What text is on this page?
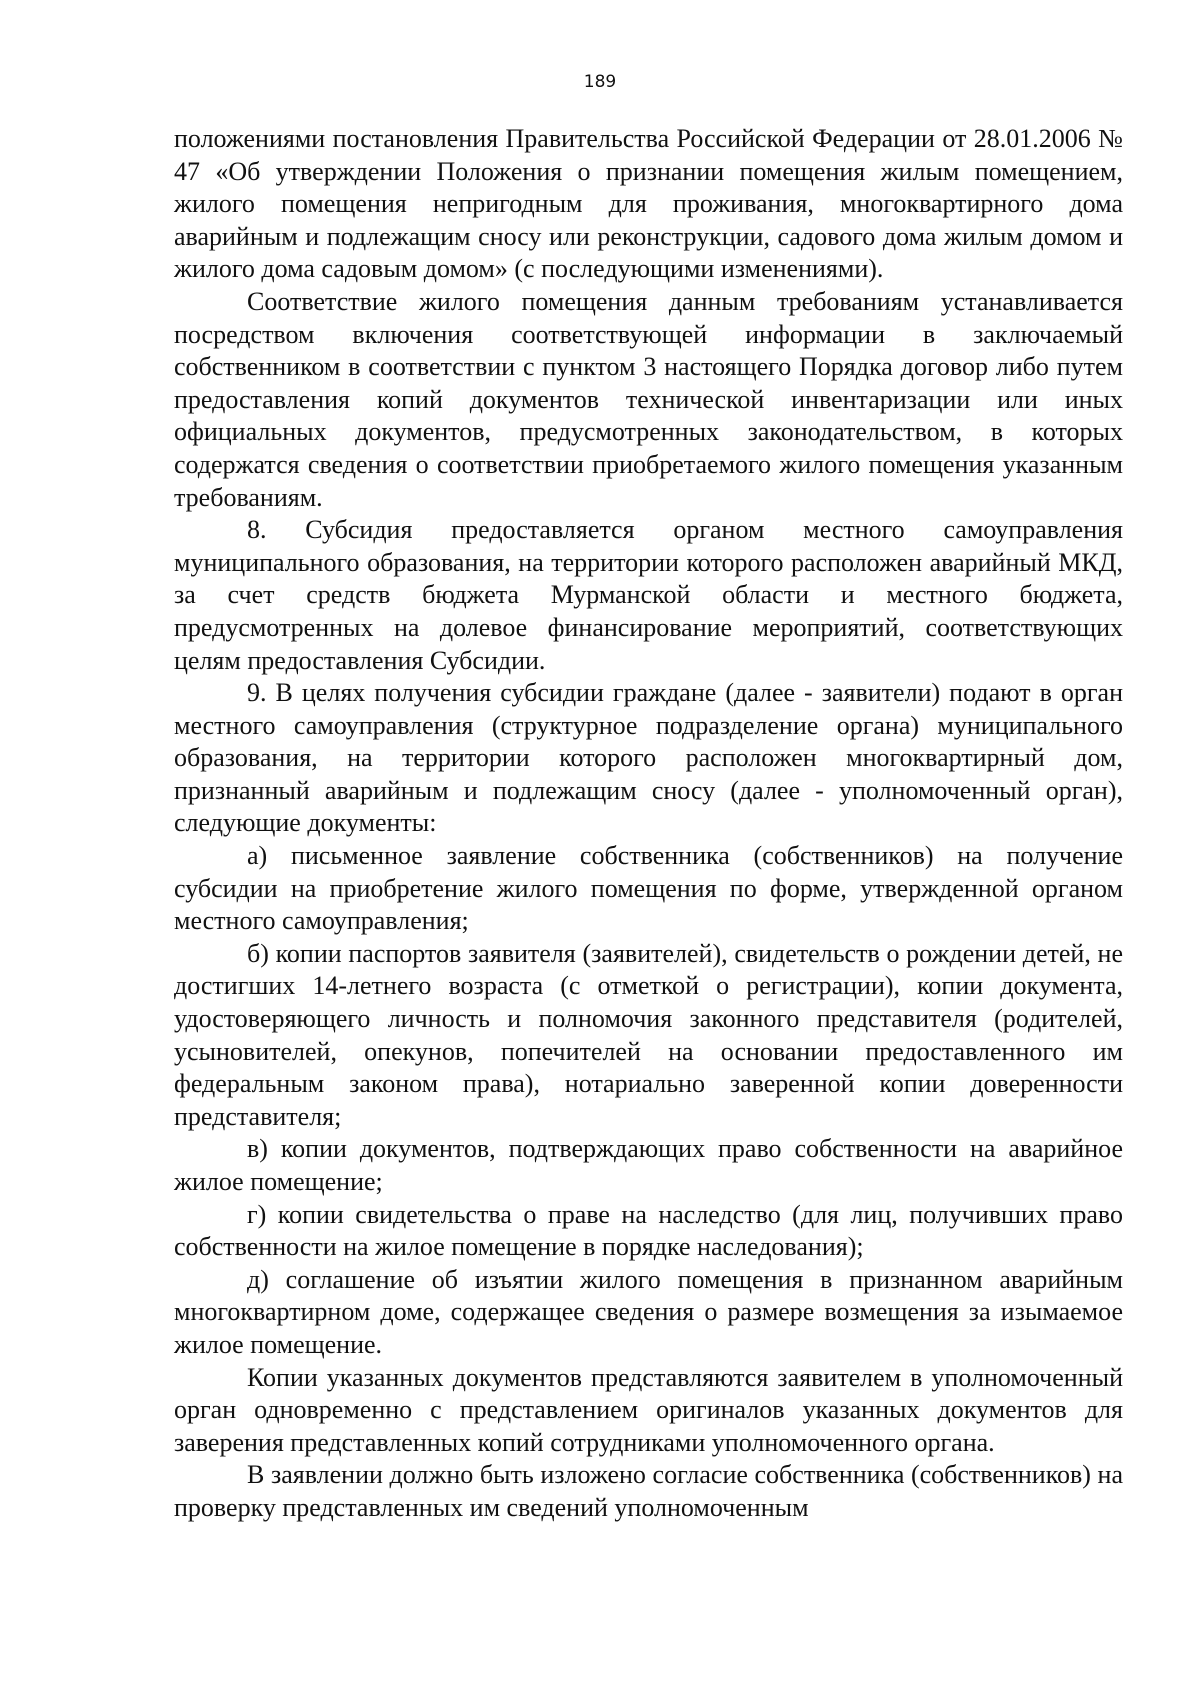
189

положениями постановления Правительства Российской Федерации от 28.01.2006 № 47 «Об утверждении Положения о признании помещения жилым помещением, жилого помещения непригодным для проживания, многоквартирного дома аварийным и подлежащим сносу или реконструкции, садового дома жилым домом и жилого дома садовым домом» (с последующими изменениями).

Соответствие жилого помещения данным требованиям устанавливается посредством включения соответствующей информации в заключаемый собственником в соответствии с пунктом 3 настоящего Порядка договор либо путем предоставления копий документов технической инвентаризации или иных официальных документов, предусмотренных законодательством, в которых содержатся сведения о соответствии приобретаемого жилого помещения указанным требованиям.

8. Субсидия предоставляется органом местного самоуправления муниципального образования, на территории которого расположен аварийный МКД, за счет средств бюджета Мурманской области и местного бюджета, предусмотренных на долевое финансирование мероприятий, соответствующих целям предоставления Субсидии.

9. В целях получения субсидии граждане (далее - заявители) подают в орган местного самоуправления (структурное подразделение органа) муниципального образования, на территории которого расположен многоквартирный дом, признанный аварийным и подлежащим сносу (далее - уполномоченный орган), следующие документы:

а) письменное заявление собственника (собственников) на получение субсидии на приобретение жилого помещения по форме, утвержденной органом местного самоуправления;

б) копии паспортов заявителя (заявителей), свидетельств о рождении детей, не достигших 14-летнего возраста (с отметкой о регистрации), копии документа, удостоверяющего личность и полномочия законного представителя (родителей, усыновителей, опекунов, попечителей на основании предоставленного им федеральным законом права), нотариально заверенной копии доверенности представителя;

в) копии документов, подтверждающих право собственности на аварийное жилое помещение;

г) копии свидетельства о праве на наследство (для лиц, получивших право собственности на жилое помещение в порядке наследования);

д) соглашение об изъятии жилого помещения в признанном аварийным многоквартирном доме, содержащее сведения о размере возмещения за изымаемое жилое помещение.

Копии указанных документов представляются заявителем в уполномоченный орган одновременно с представлением оригиналов указанных документов для заверения представленных копий сотрудниками уполномоченного органа.

В заявлении должно быть изложено согласие собственника (собственников) на проверку представленных им сведений уполномоченным
